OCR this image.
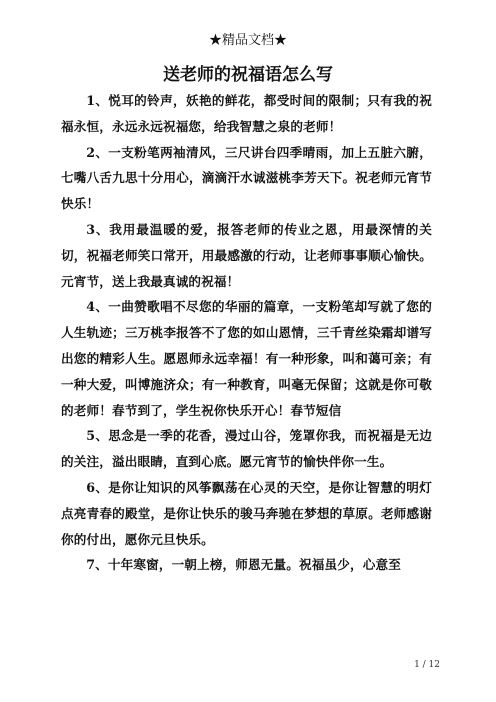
★精品文档★
送老师的祝福语怎么写

1、悦耳的铃声，妖艳的鲜花，都受时间的限制；只有我的祝福永恒，永远永远祝福您，给我智慧之泉的老师！

2、一支粉笔两袖清风，三尺讲台四季晴雨，加上五脏六腑，七嘴八舌九思十分用心，滴滴汗水诚滋桃李芳天下。祝老师元宵节快乐！

3、我用最温暖的爱，报答老师的传业之恩，用最深情的关切，祝福老师笑口常开，用最感激的行动，让老师事事顺心愉快。元宵节，送上我最真诚的祝福！

4、一曲赞歌唱不尽您的华丽的篇章，一支粉笔却写就了您的人生轨迹；三万桃李报答不了您的如山恩情，三千青丝染霜却谱写出您的精彩人生。愿恩师永远幸福！有一种形象，叫和蔼可亲；有一种大爱，叫博施济众；有一种教育，叫毫无保留；这就是你可敬的老师！春节到了，学生祝你快乐开心！春节短信

5、思念是一季的花香，漫过山谷，笼罩你我，而祝福是无边的关注，溢出眼睛，直到心底。愿元宵节的愉快伴你一生。

6、是你让知识的风筝飘荡在心灵的天空，是你让智慧的明灯点亮青春的殿堂，是你让快乐的骏马奔驰在梦想的草原。老师感谢你的付出，愿你元旦快乐。

7、十年寒窗，一朝上榜，师恩无量。祝福虽少，心意至

1 / 12
